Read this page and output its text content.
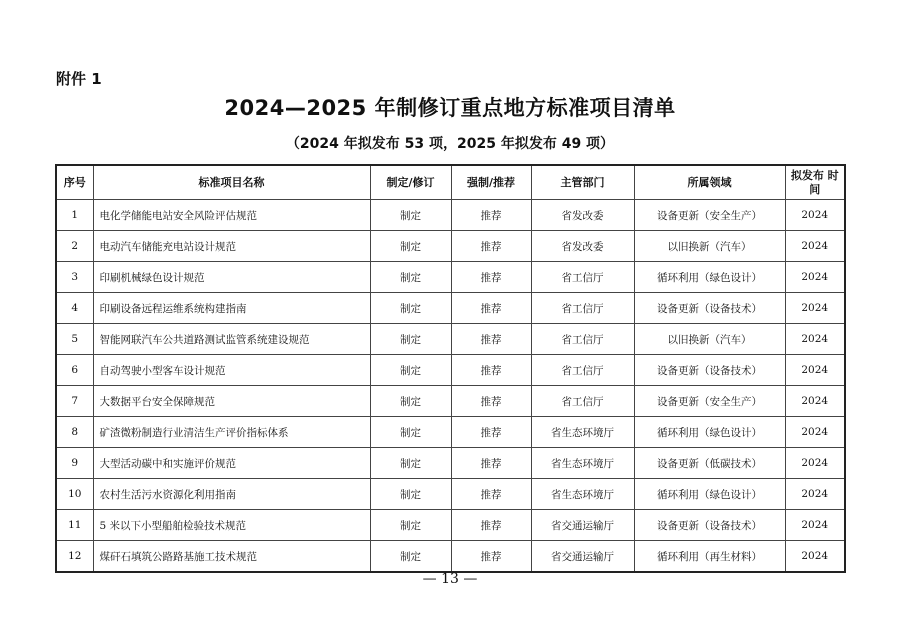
附件 1
2024—2025 年制修订重点地方标准项目清单
（2024 年拟发布 53 项，2025 年拟发布 49 项）
序号	标准项目名称	制定/修订	强制/推荐	主管部门	所属领域	拟发布 时间
1	电化学储能电站安全风险评估规范	制定	推荐	省发改委	设备更新（安全生产）	2024
2	电动汽车储能充电站设计规范	制定	推荐	省发改委	以旧换新（汽车）	2024
3	印刷机械绿色设计规范	制定	推荐	省工信厅	循环利用（绿色设计）	2024
4	印刷设备远程运维系统构建指南	制定	推荐	省工信厅	设备更新（设备技术）	2024
5	智能网联汽车公共道路测试监管系统建设规范	制定	推荐	省工信厅	以旧换新（汽车）	2024
6	自动驾驶小型客车设计规范	制定	推荐	省工信厅	设备更新（设备技术）	2024
7	大数据平台安全保障规范	制定	推荐	省工信厅	设备更新（安全生产）	2024
8	矿渣微粉制造行业清洁生产评价指标体系	制定	推荐	省生态环境厅	循环利用（绿色设计）	2024
9	大型活动碳中和实施评价规范	制定	推荐	省生态环境厅	设备更新（低碳技术）	2024
10	农村生活污水资源化利用指南	制定	推荐	省生态环境厅	循环利用（绿色设计）	2024
11	5 米以下小型船舶检验技术规范	制定	推荐	省交通运输厅	设备更新（设备技术）	2024
12	煤矸石填筑公路路基施工技术规范	制定	推荐	省交通运输厅	循环利用（再生材料）	2024
— 13 —
